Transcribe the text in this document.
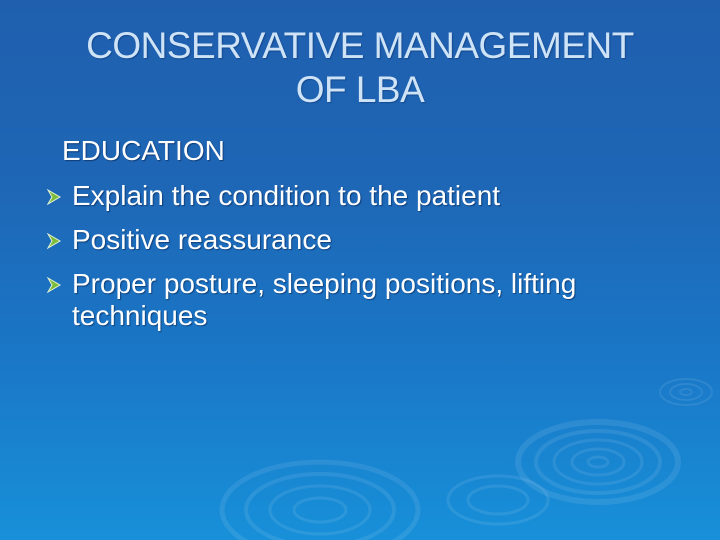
CONSERVATIVE MANAGEMENT
OF LBA
EDUCATION
Explain the condition to the patient
Positive reassurance
Proper posture, sleeping positions, lifting techniques
